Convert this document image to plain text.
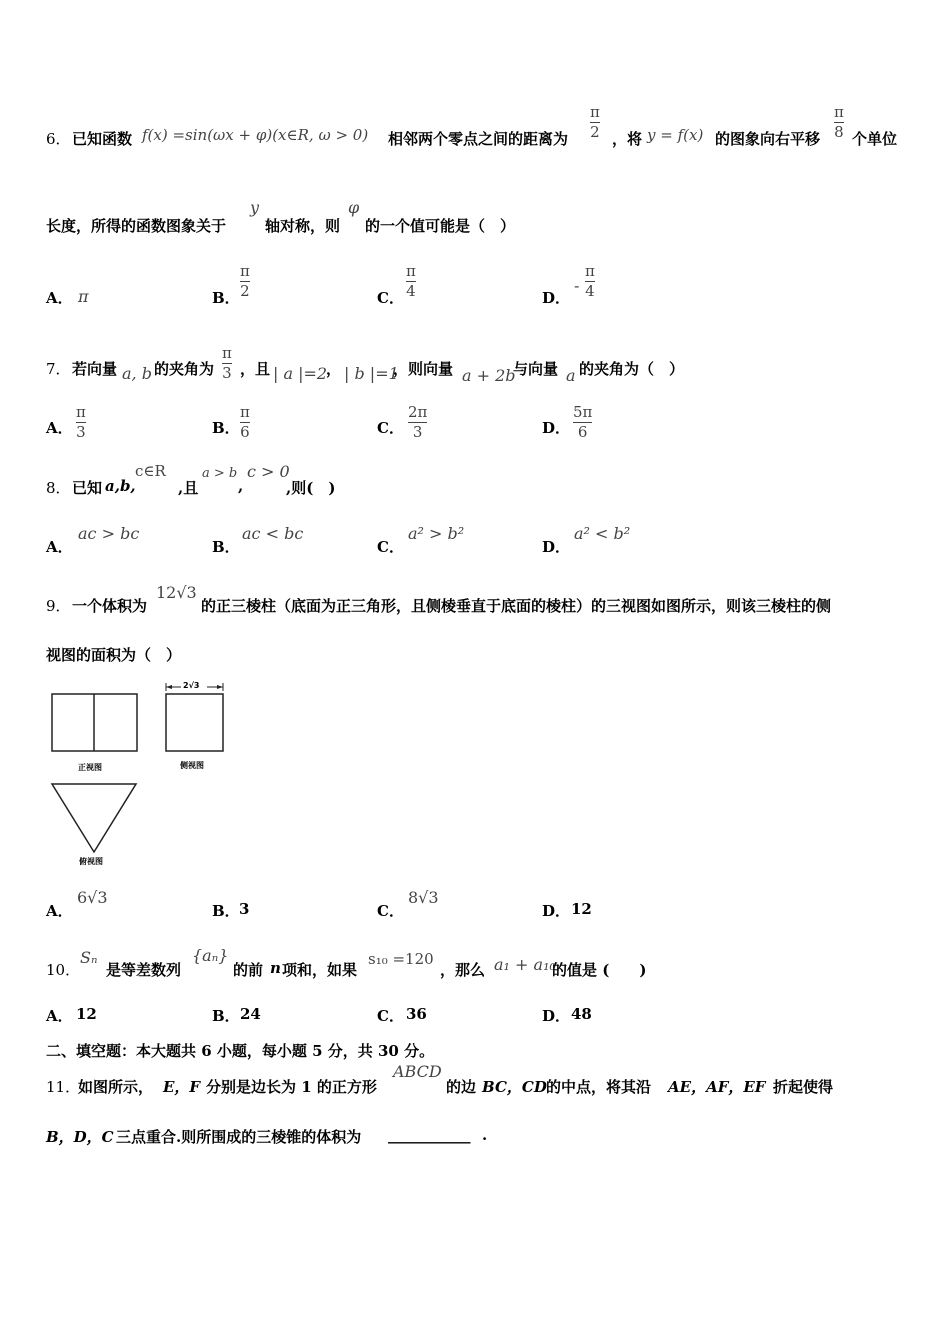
6． 已知函数 f(x) =sin(ωx + φ)(x∈R, ω > 0) 相邻两个零点之间的距离为
π
2 ，将 y = f(x) 的图象向右平移
π
8 个单位
长度，所得的函数图象关于
y
轴对称，则
φ
的一个值可能是（　）
A． π	B．
π
2	C．
π
4	D．
-
π
4
7． 若向量 a, b 的夹角为
π
3 ，且 | a |=2
， | b |=1
，则向量 a + 2b
与向量 a 的夹角为（　）
A．
π
3	B．
π
6	C．
2π
3	D．
5π
6
8． 已知 a,b,
c∈R
,且
a > b
,
c > 0
,则(　)
A．
ac > bc
B．
ac < bc
C．
a² > b²
D．
a² < b²
9． 一个体积为
12√3
的正三棱柱（底面为正三角形，且侧棱垂直于底面的棱柱）的三视图如图所示，则该三棱柱的侧
视图的面积为（　）
2√3
正视图	侧视图
俯视图
A．
6√3
B． 3	C．
8√3
D． 12
10．
Sₙ
是等差数列
{aₙ}
的前 n 项和，如果
s₁₀ =120
，那么 a₁ + a₁₀
的值是 (　　)
A． 12	B． 24	C． 36	D． 48
二、填空题：本大题共 6 小题，每小题 5 分，共 30 分。
11．
如图所示， E，F 分别是边长为 1 的正方形
ABCD
的边 BC，CD 的中点，将其沿 AE，AF，EF 折起使得
B，D，C 三点重合.则所围成的三棱锥的体积为 ___________ .
